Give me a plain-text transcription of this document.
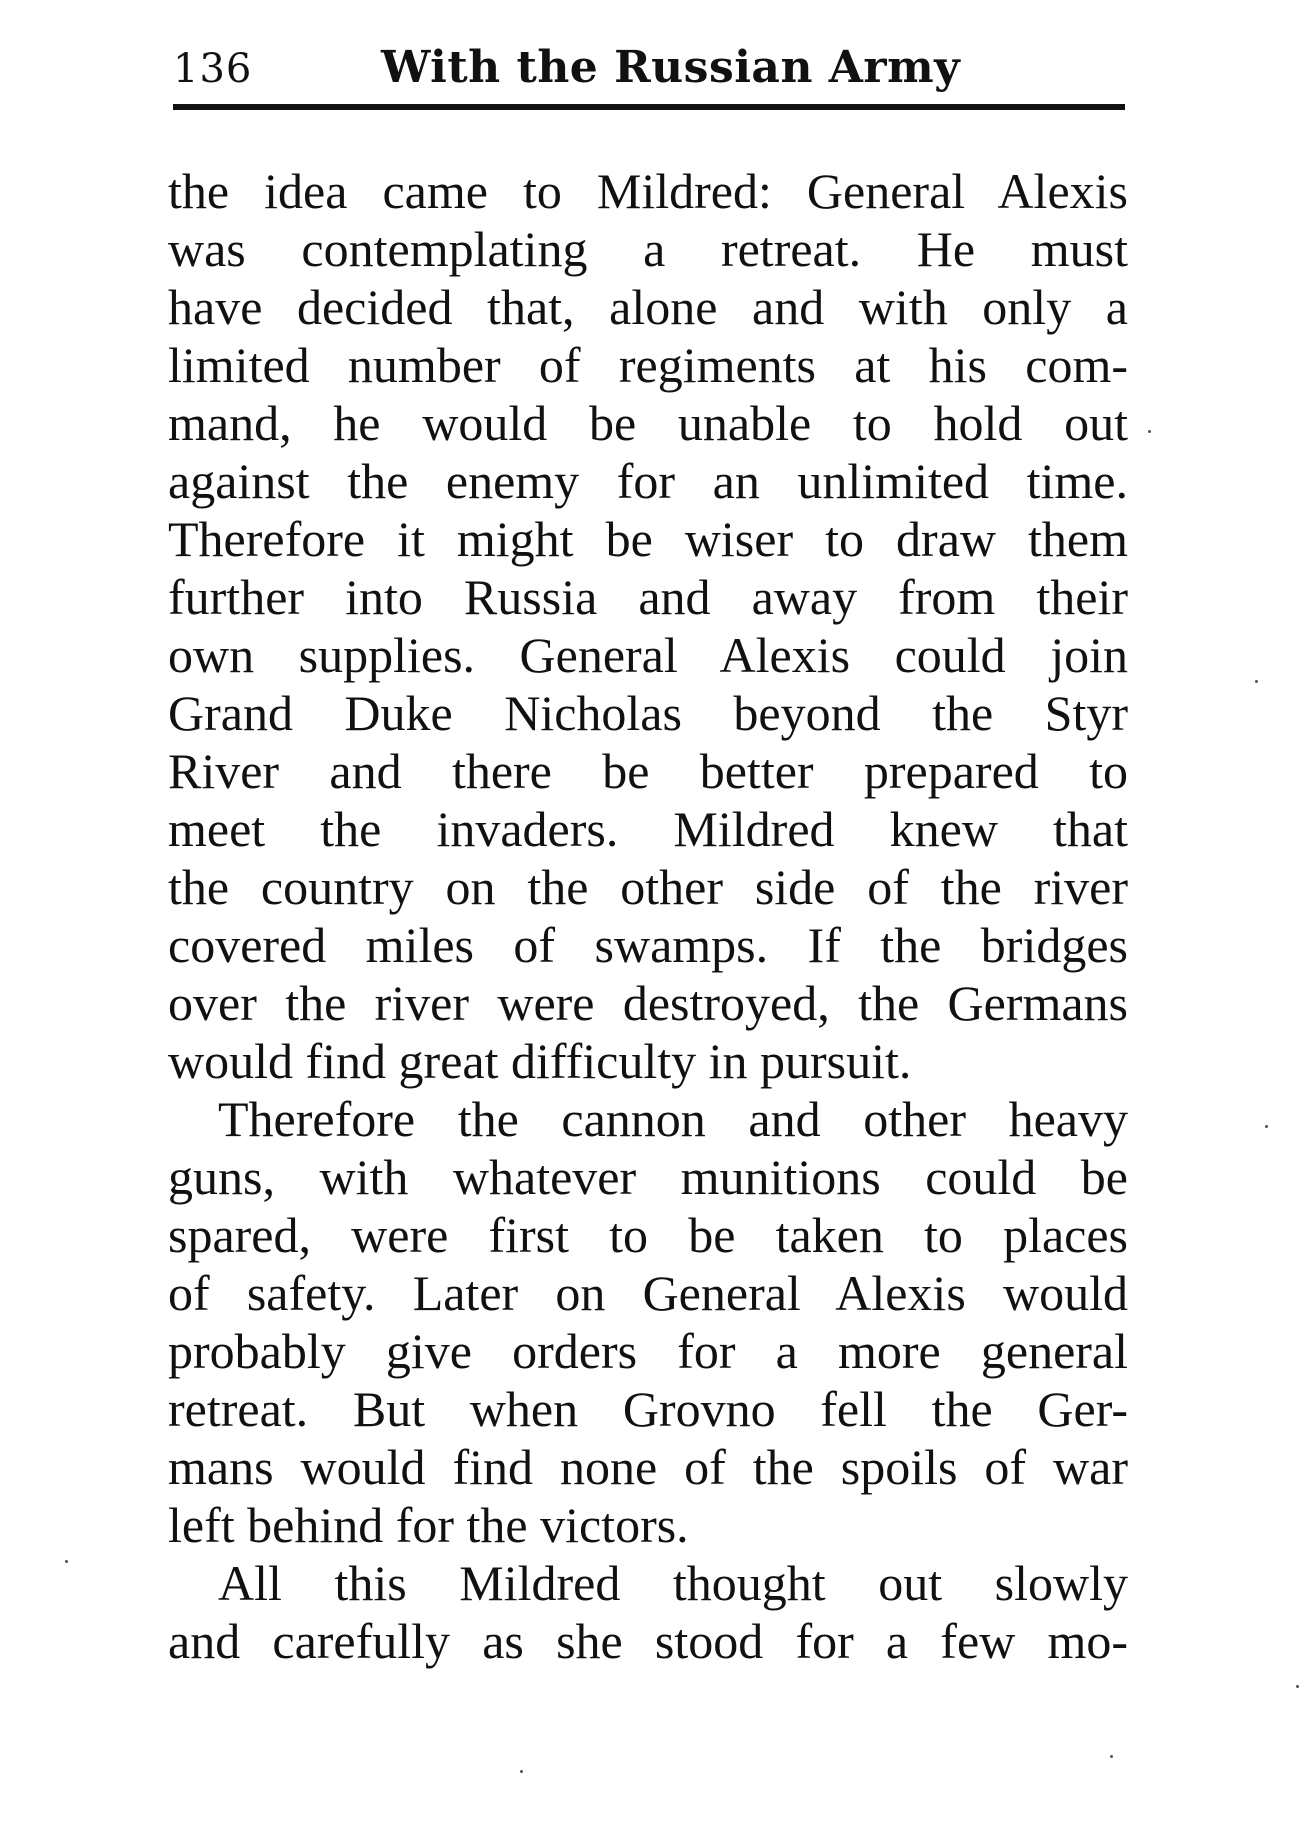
136	With the Russian Army
the idea came to Mildred: General Alexis
was contemplating a retreat. He must
have decided that, alone and with only a
limited number of regiments at his com-
mand, he would be unable to hold out
against the enemy for an unlimited time.
Therefore it might be wiser to draw them
further into Russia and away from their
own supplies. General Alexis could join
Grand Duke Nicholas beyond the Styr
River and there be better prepared to
meet the invaders. Mildred knew that
the country on the other side of the river
covered miles of swamps. If the bridges
over the river were destroyed, the Germans
would find great difficulty in pursuit.
Therefore the cannon and other heavy
guns, with whatever munitions could be
spared, were first to be taken to places
of safety. Later on General Alexis would
probably give orders for a more general
retreat. But when Grovno fell the Ger-
mans would find none of the spoils of war
left behind for the victors.
All this Mildred thought out slowly
and carefully as she stood for a few mo-
